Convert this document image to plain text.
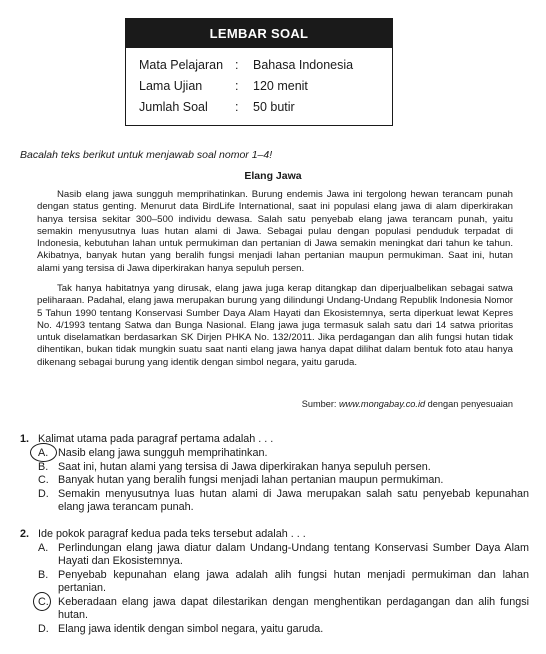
LEMBAR SOAL
Mata Pelajaran : Bahasa Indonesia
Lama Ujian	: 120 menit
Jumlah Soal : 50 butir
Bacalah teks berikut untuk menjawab soal nomor 1–4!
Elang Jawa

Nasib elang jawa sungguh memprihatinkan. Burung endemis Jawa ini tergolong hewan terancam punah dengan status genting. Menurut data BirdLife International, saat ini populasi elang jawa di alam diperkirakan hanya tersisa sekitar 300–500 individu dewasa. Salah satu penyebab elang jawa terancam punah, yaitu semakin menyusutnya luas hutan alami di Jawa. Sebagai pulau dengan populasi penduduk terpadat di Indonesia, kebutuhan lahan untuk permukiman dan pertanian di Jawa semakin meningkat dari tahun ke tahun. Akibatnya, banyak hutan yang beralih fungsi menjadi lahan pertanian maupun permukiman. Saat ini, hutan alami yang tersisa di Jawa diperkirakan hanya sepuluh persen.

Tak hanya habitatnya yang dirusak, elang jawa juga kerap ditangkap dan diperjualbelikan sebagai satwa peliharaan. Padahal, elang jawa merupakan burung yang dilindungi Undang-Undang Republik Indonesia Nomor 5 Tahun 1990 tentang Konservasi Sumber Daya Alam Hayati dan Ekosistemnya, serta diperkuat lewat Kepres No. 4/1993 tentang Satwa dan Bunga Nasional. Elang jawa juga termasuk salah satu dari 14 satwa prioritas untuk diselamatkan berdasarkan SK Dirjen PHKA No. 132/2011. Jika perdagangan dan alih fungsi hutan tidak dihentikan, bukan tidak mungkin suatu saat nanti elang jawa hanya dapat dilihat dalam bentuk foto atau hanya dikenang sebagai burung yang identik dengan simbol negara, yaitu garuda.

Sumber: www.mongabay.co.id dengan penyesuaian
1. Kalimat utama pada paragraf pertama adalah . . .
A. Nasib elang jawa sungguh memprihatinkan.
B. Saat ini, hutan alami yang tersisa di Jawa diperkirakan hanya sepuluh persen.
C. Banyak hutan yang beralih fungsi menjadi lahan pertanian maupun permukiman.
D. Semakin menyusutnya luas hutan alami di Jawa merupakan salah satu penyebab kepunahan elang jawa terancam punah.
2. Ide pokok paragraf kedua pada teks tersebut adalah . . .
A. Perlindungan elang jawa diatur dalam Undang-Undang tentang Konservasi Sumber Daya Alam Hayati dan Ekosistemnya.
B. Penyebab kepunahan elang jawa adalah alih fungsi hutan menjadi permukiman dan lahan pertanian.
C. Keberadaan elang jawa dapat dilestarikan dengan menghentikan perdagangan dan alih fungsi hutan.
D. Elang jawa identik dengan simbol negara, yaitu garuda.
